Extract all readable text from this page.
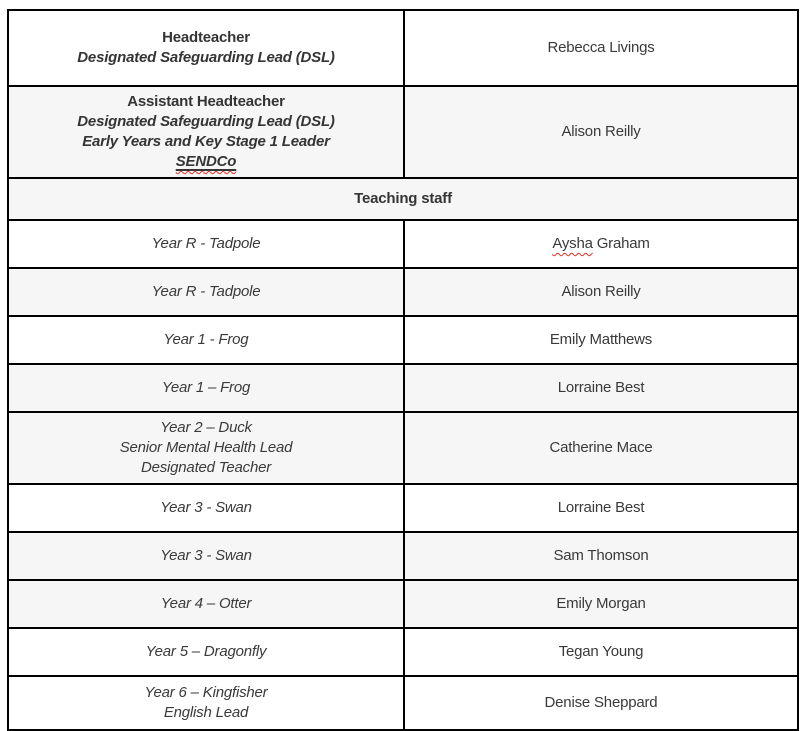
Headteacher
Designated Safeguarding Lead (DSL)	Rebecca Livings

Assistant Headteacher
Designated Safeguarding Lead (DSL)
Early Years and Key Stage 1 Leader
SENDCo	Alison Reilly

Teaching staff	

Year R - Tadpole	Aysha Graham

Year R - Tadpole	Alison Reilly

Year 1 - Frog	Emily Matthews

Year 1 – Frog	Lorraine Best

Year 2 – Duck
Senior Mental Health Lead
Designated Teacher	Catherine Mace

Year 3 - Swan	Lorraine Best

Year 3 - Swan	Sam Thomson

Year 4 – Otter	Emily Morgan

Year 5 – Dragonfly	Tegan Young

Year 6 – Kingfisher
English Lead	Denise Sheppard
